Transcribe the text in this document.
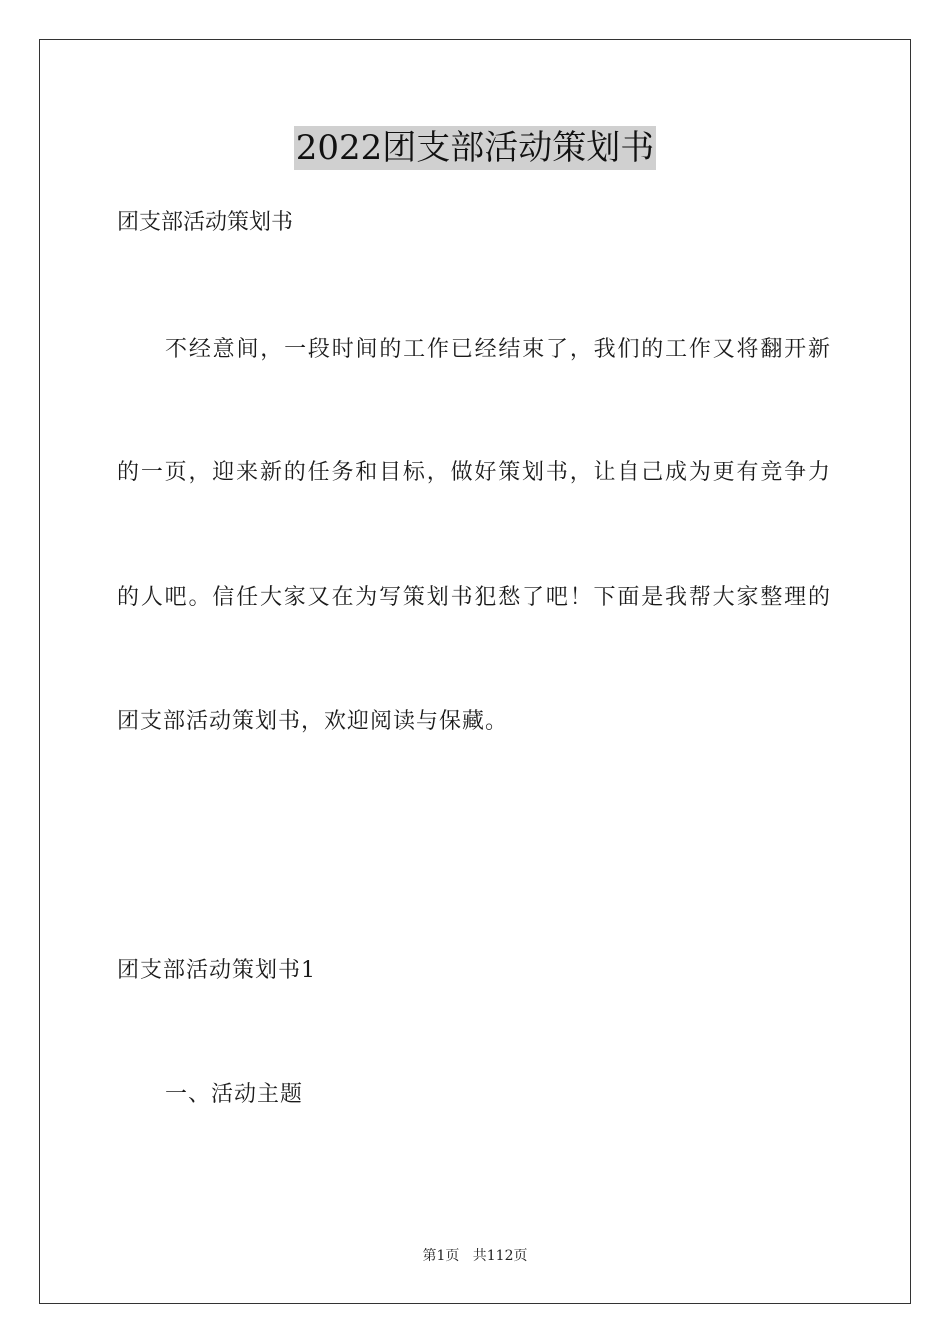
2022团支部活动策划书
团支部活动策划书
不经意间，一段时间的工作已经结束了，我们的工作又将翻开新
的一页，迎来新的任务和目标，做好策划书，让自己成为更有竞争力
的人吧。信任大家又在为写策划书犯愁了吧！下面是我帮大家整理的
团支部活动策划书，欢迎阅读与保藏。
团支部活动策划书1
一、活动主题
第1页   共112页
